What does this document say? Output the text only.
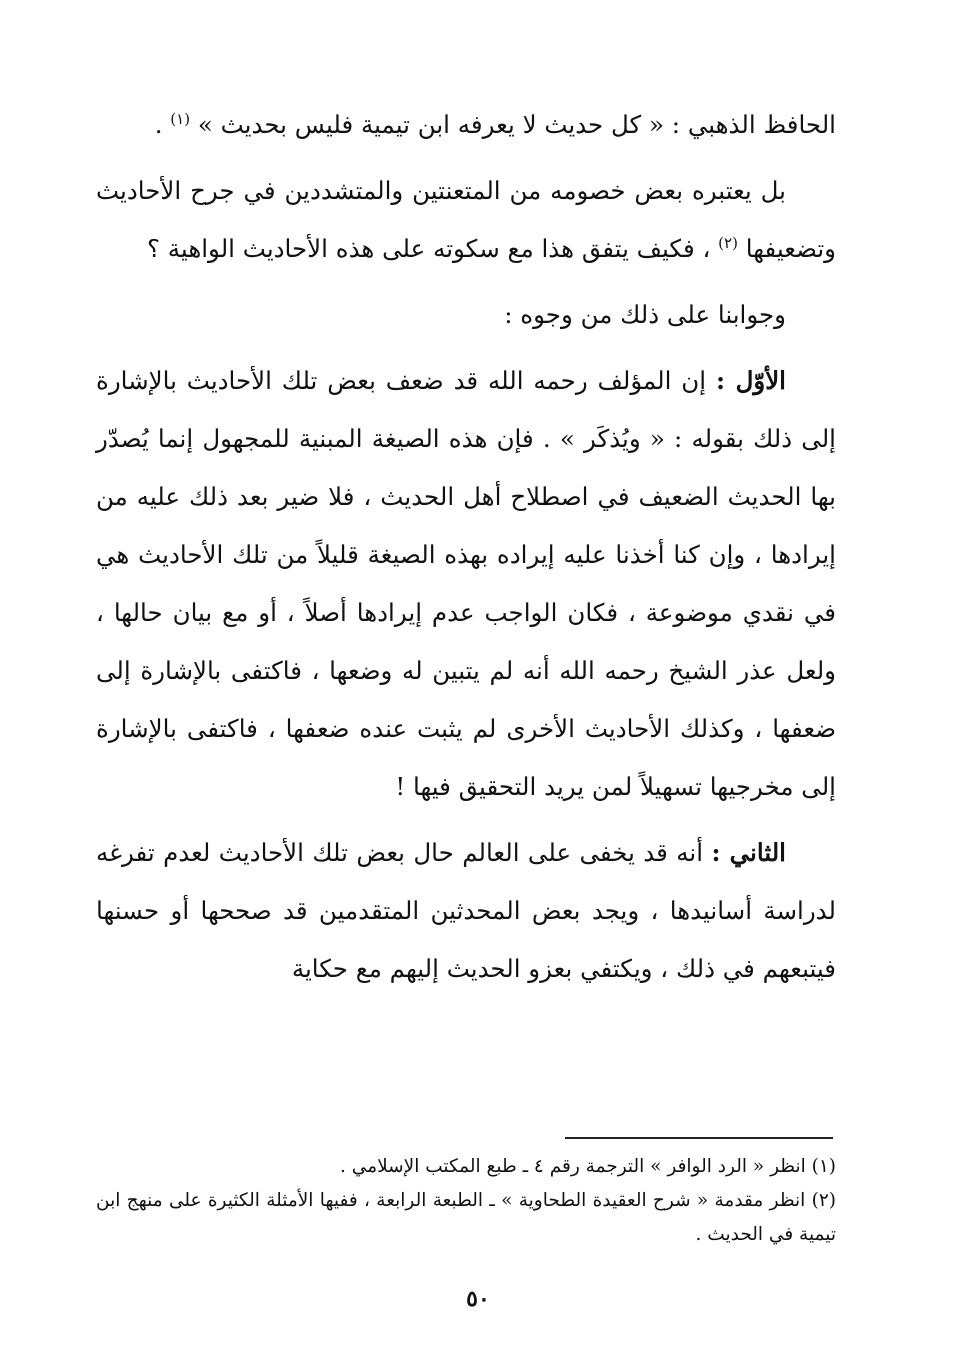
الحافظ الذهبي : « كل حديث لا يعرفه ابن تيمية فليس بحديث » $^{(١)}$ .

بل يعتبره بعض خصومه من المتعنتين والمتشددين في جرح الأحاديث وتضعيفها $^{(٢)}$ ، فكيف يتفق هذا مع سكوته على هذه الأحاديث الواهية ؟

وجوابنا على ذلك من وجوه :

الأوّل : إن المؤلف رحمه الله قد ضعف بعض تلك الأحاديث بالإشارة إلى ذلك بقوله : « ويُذكَر » . فإن هذه الصيغة المبنية للمجهول إنما يُصدّر بها الحديث الضعيف في اصطلاح أهل الحديث ، فلا ضير بعد ذلك عليه من إيرادها ، وإن كنا أخذنا عليه إيراده بهذه الصيغة قليلاً من تلك الأحاديث هي في نقدي موضوعة ، فكان الواجب عدم إيرادها أصلاً ، أو مع بيان حالها ، ولعل عذر الشيخ رحمه الله أنه لم يتبين له وضعها ، فاكتفى بالإشارة إلى ضعفها ، وكذلك الأحاديث الأخرى لم يثبت عنده ضعفها ، فاكتفى بالإشارة إلى مخرجيها تسهيلاً لمن يريد التحقيق فيها !

الثاني : أنه قد يخفى على العالم حال بعض تلك الأحاديث لعدم تفرغه لدراسة أسانيدها ، ويجد بعض المحدثين المتقدمين قد صححها أو حسنها فيتبعهم في ذلك ، ويكتفي بعزو الحديث إليهم مع حكاية

(١) انظر « الرد الوافر » الترجمة رقم ٤ ـ طبع المكتب الإسلامي .

(٢) انظر مقدمة « شرح العقيدة الطحاوية » ـ الطبعة الرابعة ، ففيها الأمثلة الكثيرة على منهج ابن تيمية في الحديث .

٥٠
